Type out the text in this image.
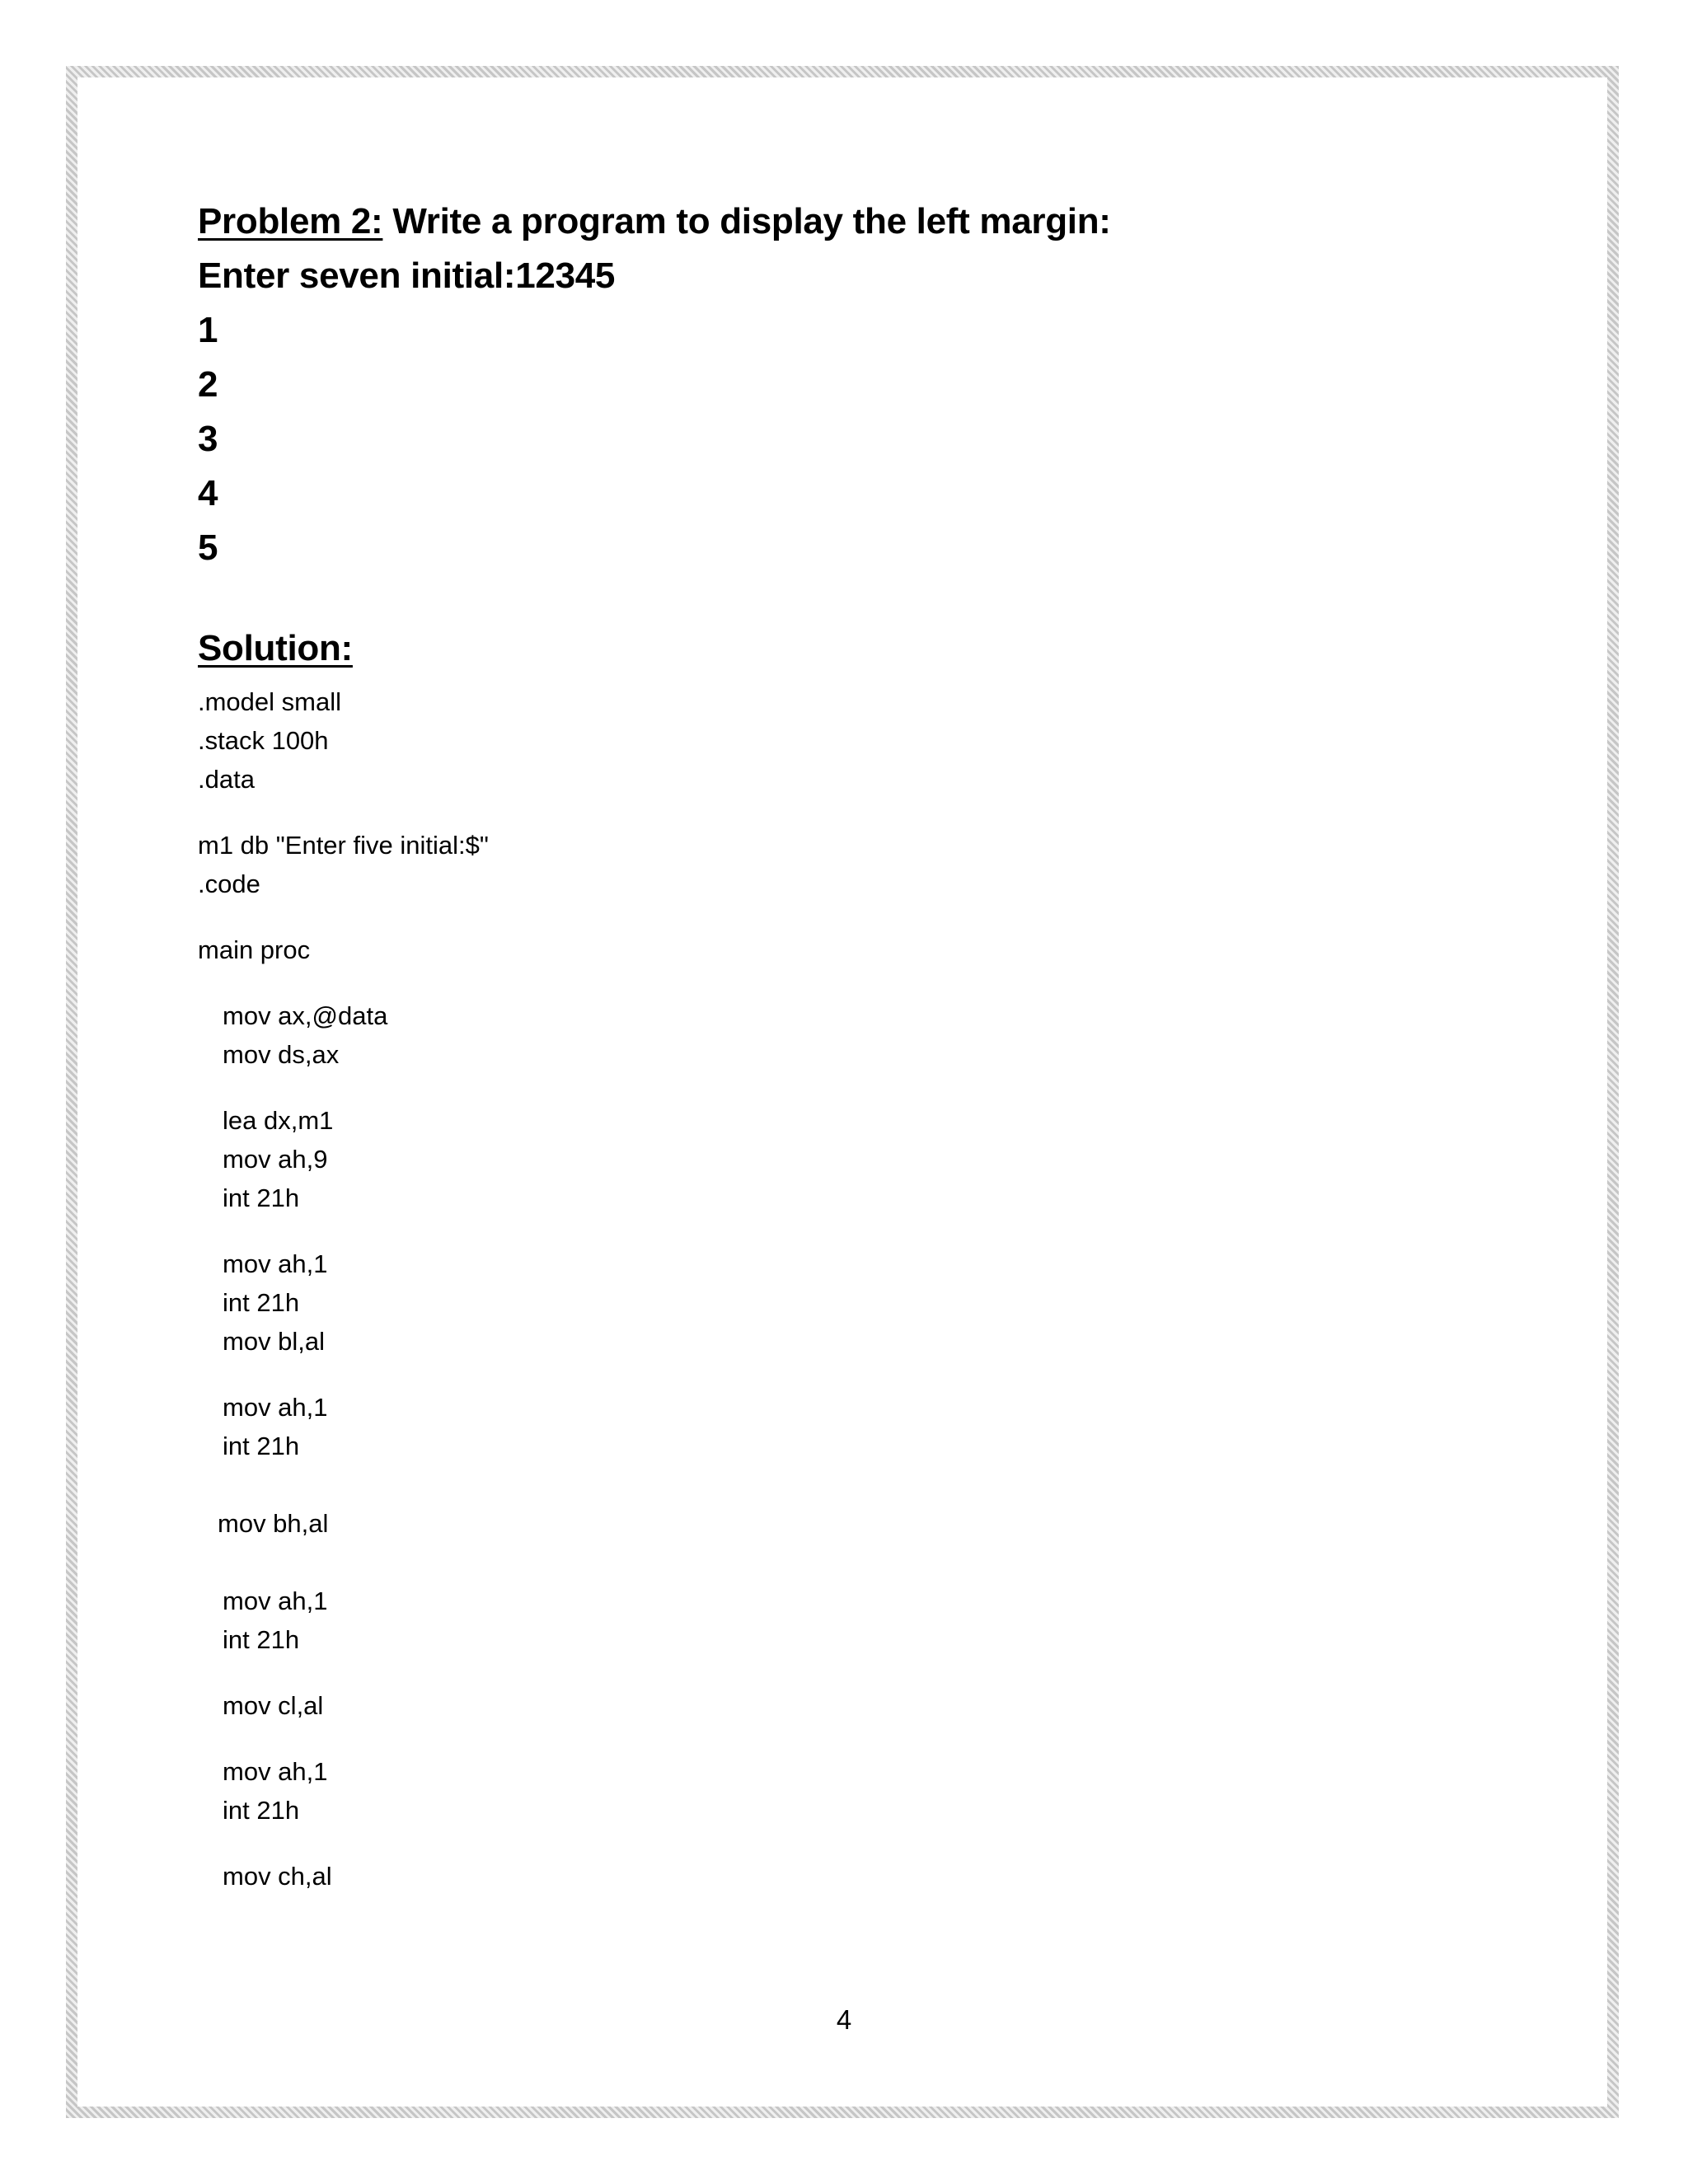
Problem 2: Write a program to display the left margin:
Enter seven initial:12345
1
2
3
4
5
Solution:
.model small
.stack 100h
.data
m1 db "Enter five initial:$"
.code
main proc
mov ax,@data
mov ds,ax
lea dx,m1
mov ah,9
int 21h
mov ah,1
int 21h
mov bl,al
mov ah,1
int 21h
mov bh,al
mov ah,1
int 21h
mov cl,al
mov ah,1
int 21h
mov ch,al
4
